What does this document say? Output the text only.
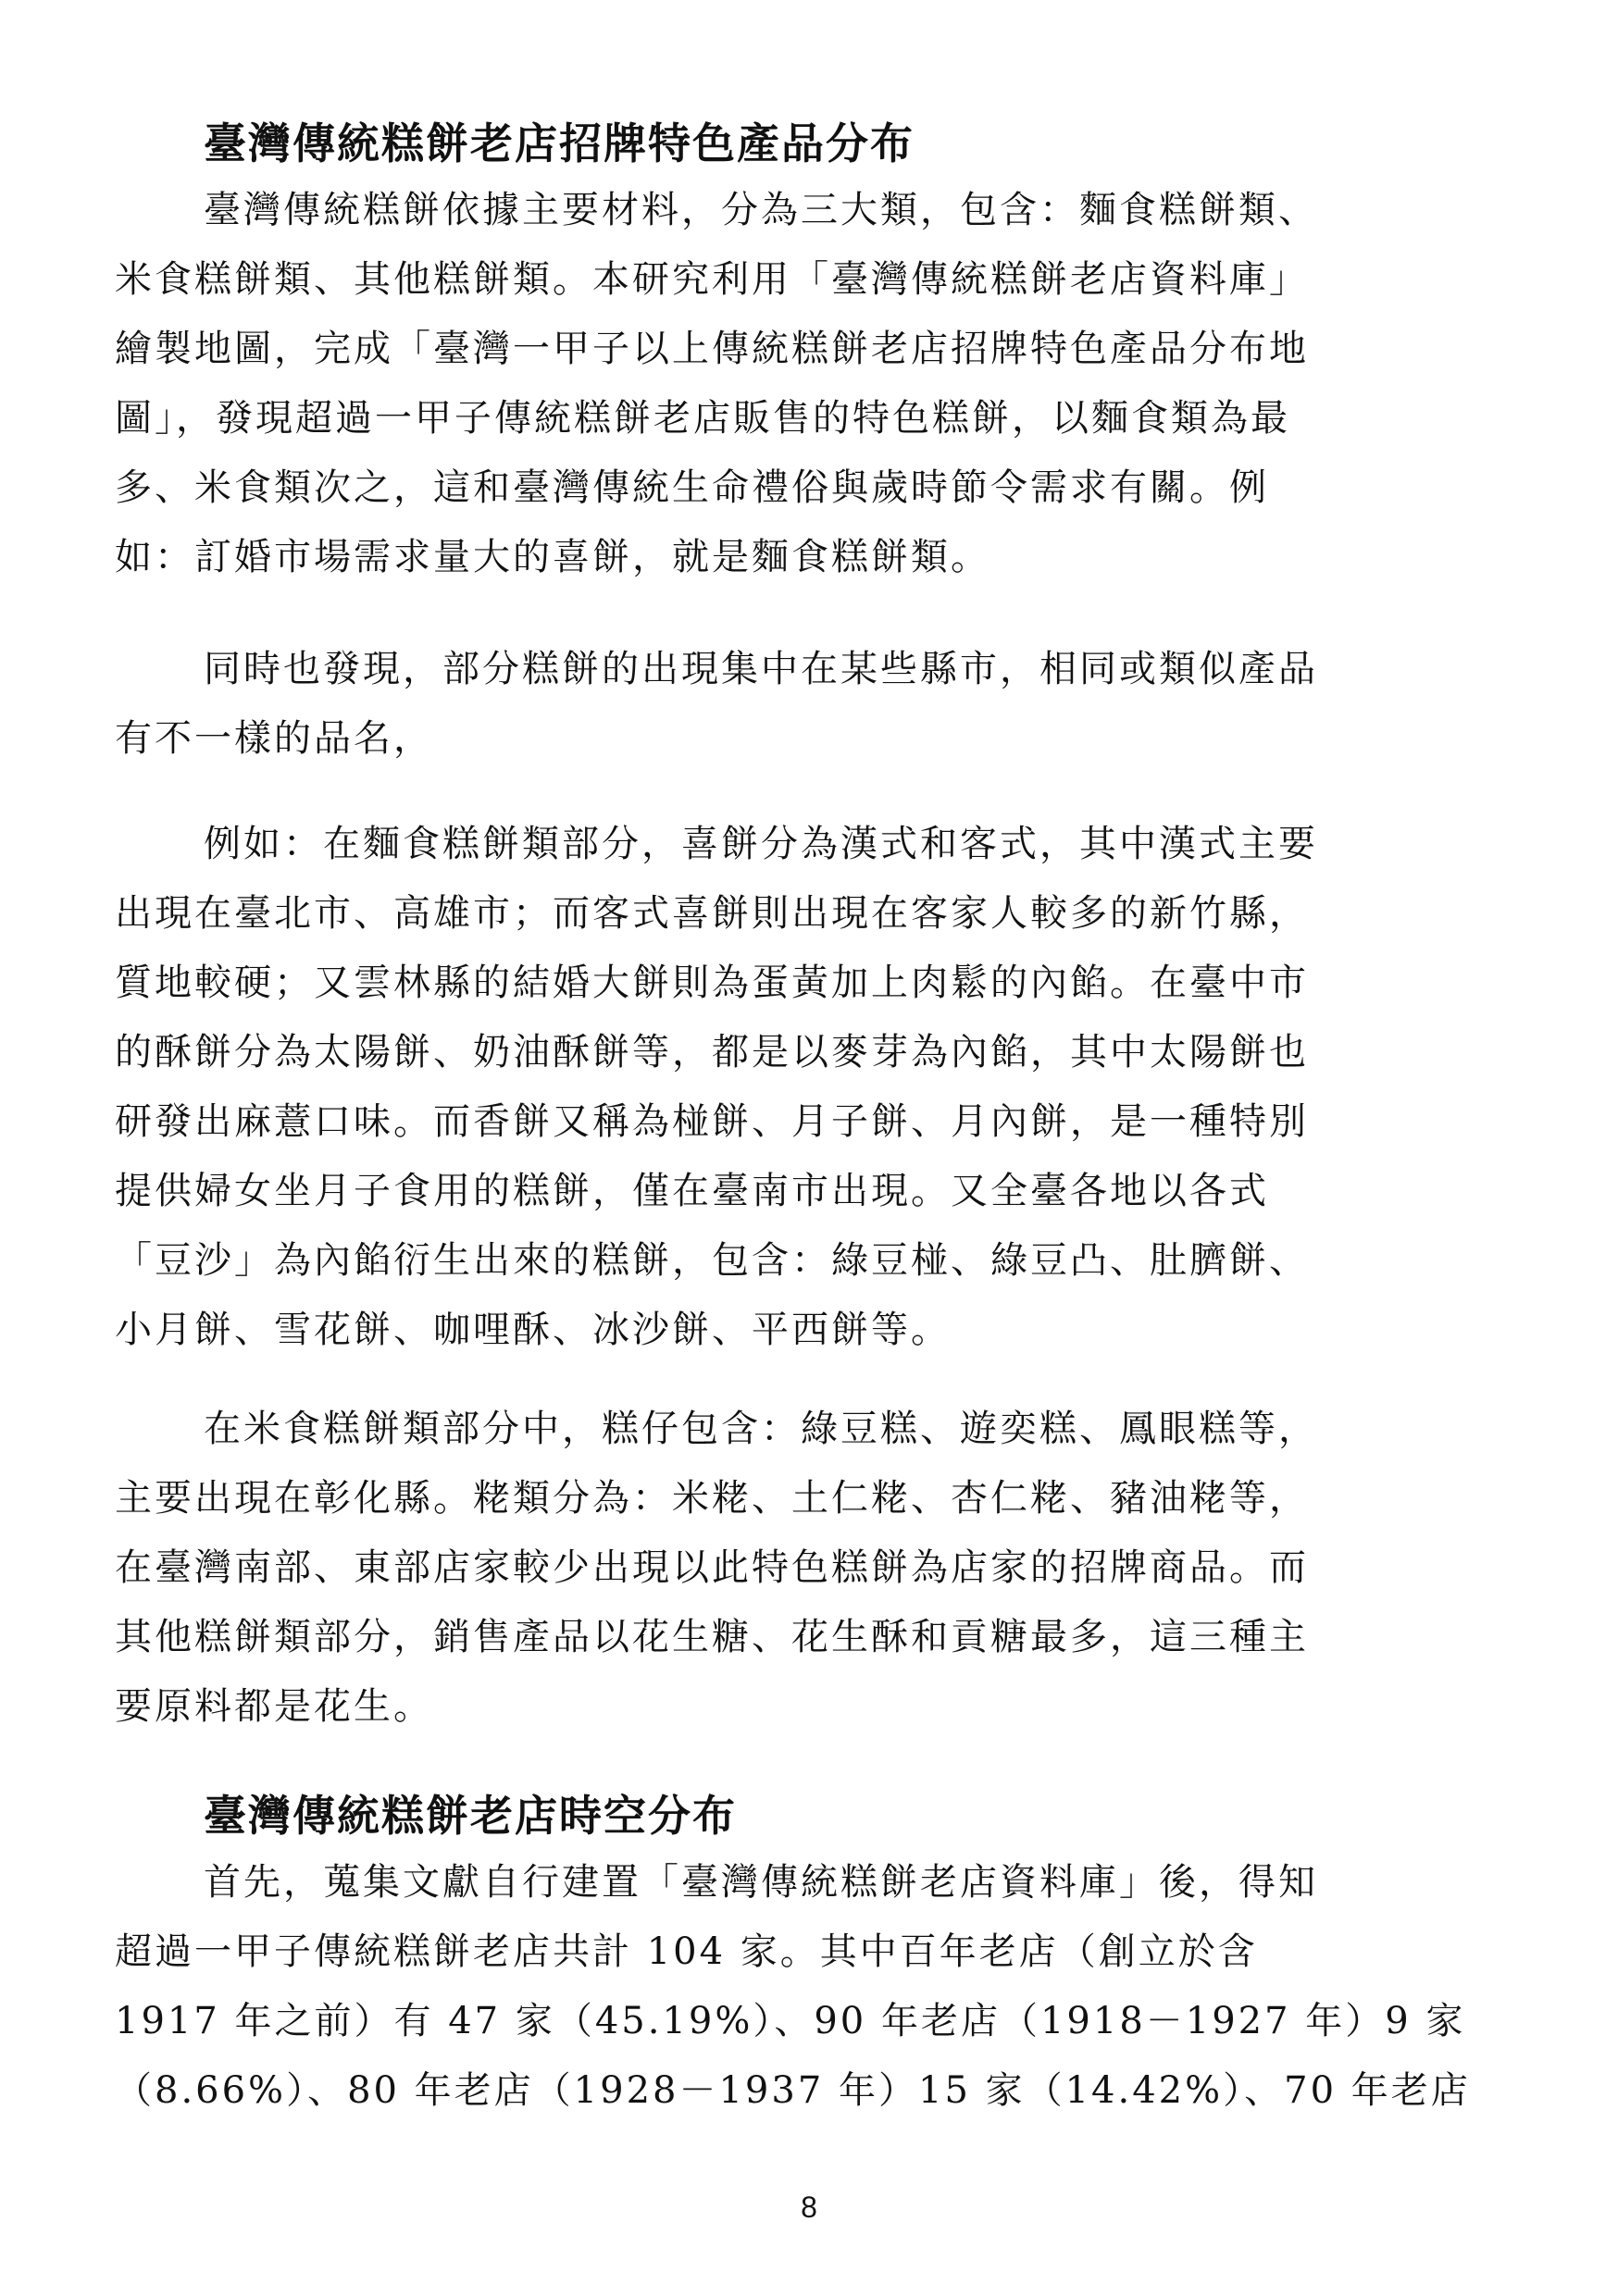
臺灣傳統糕餅老店招牌特色產品分布
臺灣傳統糕餅依據主要材料，分為三大類，包含：麵食糕餅類、
米食糕餅類、其他糕餅類。本研究利用「臺灣傳統糕餅老店資料庫」
繪製地圖，完成「臺灣一甲子以上傳統糕餅老店招牌特色產品分布地
圖」，發現超過一甲子傳統糕餅老店販售的特色糕餅，以麵食類為最
多、米食類次之，這和臺灣傳統生命禮俗與歲時節令需求有關。例
如：訂婚市場需求量大的喜餅，就是麵食糕餅類。
同時也發現，部分糕餅的出現集中在某些縣市，相同或類似產品
有不一樣的品名，
例如：在麵食糕餅類部分，喜餅分為漢式和客式，其中漢式主要
出現在臺北市、高雄市；而客式喜餅則出現在客家人較多的新竹縣，
質地較硬；又雲林縣的結婚大餅則為蛋黃加上肉鬆的內餡。在臺中市
的酥餅分為太陽餅、奶油酥餅等，都是以麥芽為內餡，其中太陽餅也
研發出麻薏口味。而香餅又稱為椪餅、月子餅、月內餅，是一種特別
提供婦女坐月子食用的糕餅，僅在臺南市出現。又全臺各地以各式
「豆沙」為內餡衍生出來的糕餅，包含：綠豆椪、綠豆凸、肚臍餅、
小月餅、雪花餅、咖哩酥、冰沙餅、平西餅等。
在米食糕餅類部分中，糕仔包含：綠豆糕、遊奕糕、鳳眼糕等，
主要出現在彰化縣。粩類分為：米粩、土仁粩、杏仁粩、豬油粩等，
在臺灣南部、東部店家較少出現以此特色糕餅為店家的招牌商品。而
其他糕餅類部分，銷售產品以花生糖、花生酥和貢糖最多，這三種主
要原料都是花生。
臺灣傳統糕餅老店時空分布
首先，蒐集文獻自行建置「臺灣傳統糕餅老店資料庫」後，得知
超過一甲子傳統糕餅老店共計 104 家。其中百年老店（創立於含
1917 年之前）有 47 家（45.19%）、90 年老店（1918－1927 年）9 家
（8.66%）、80 年老店（1928－1937 年）15 家（14.42%）、70 年老店
8
